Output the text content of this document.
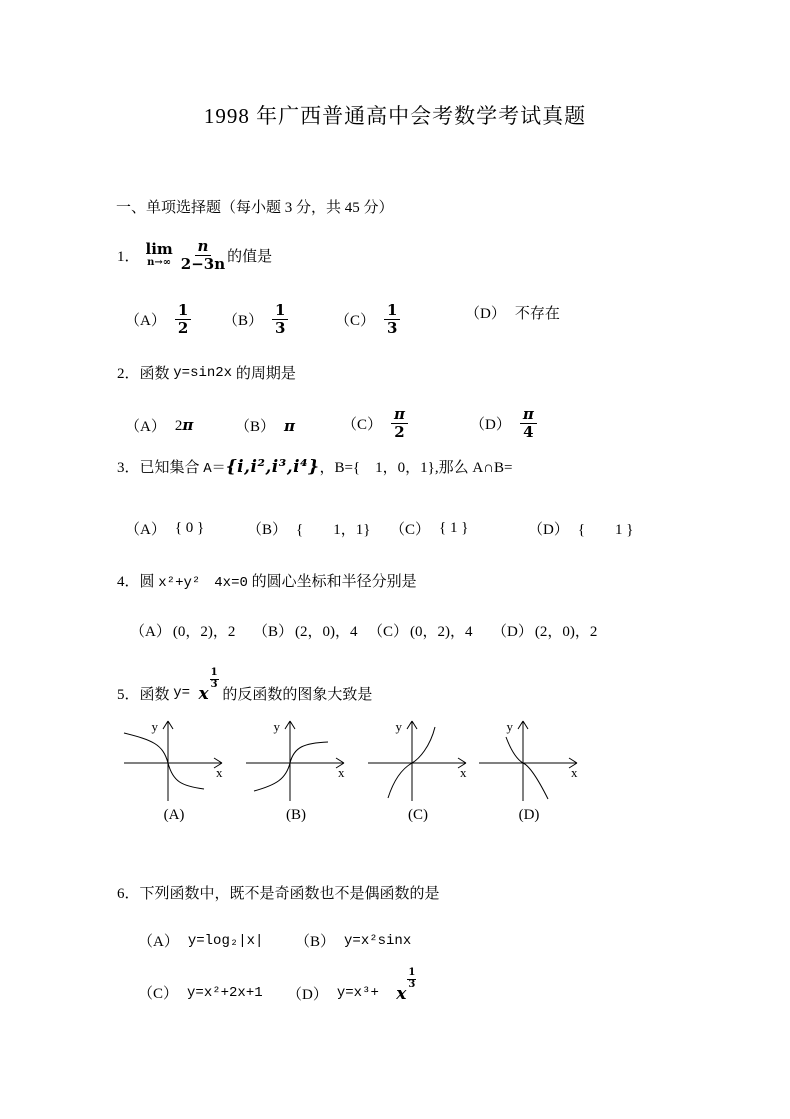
1998 年广西普通高中会考数学考试真题
一、单项选择题（每小题 3 分，共 45 分）
1． lim
$n\to\infty \frac{n}{2-3n}$ 的值是
$(A) \frac{1}{2} (B) \frac{1}{3}$	$(C) \frac{1}{3}$	（D） 不存在
2．函数 y=sin2x 的周期是
（A） 2π	（B） π	$(C) \frac{\pi}{2}$	$(D) \frac{\pi}{4}$
3．已知集合 A＝ {i,i²,i³,i⁴} ，B={　1，0，1},那么 A∩B=
（A） { 0 }	（B） {　　1，1} （C） { 1 }	（D） {　　1 }
4．圆 x²+y²　4x=0 的圆心坐标和半径分别是
（A） (0，2)，2 （B） (2，0)，4 （C） (0，2)，4 （D） (2，0)，2
5．函数 y= x
$\frac{1}{3}$
的反函数的图象大致是
y
x
(A)
y
x
(B)
y
x
(C)
y
x
(D)
6．下列函数中，既不是奇函数也不是偶函数的是
（A） y=log₂|x| （B） y=x²sinx
（C） y=x²+2x+1 （D） y=x³+ x
$\frac{1}{3}$
